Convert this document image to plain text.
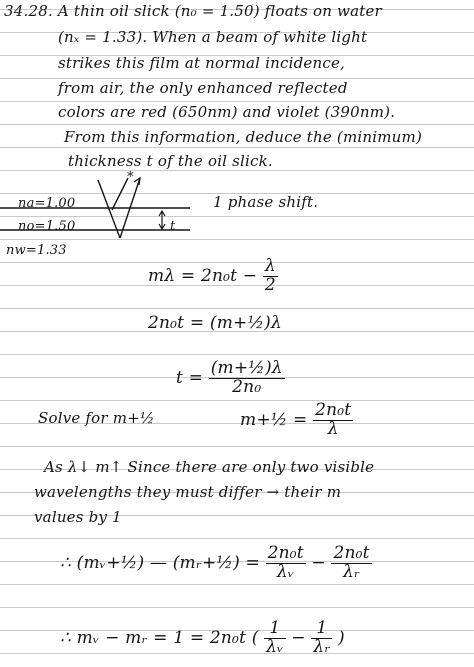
34.28. A thin oil slick (n₀ = 1.50) floats on water
(nₓ = 1.33). When a beam of white light
strikes this film at normal incidence,
from air, the only enhanced reflected
colors are red (650nm) and violet (390nm).
From this information, deduce the (minimum)
thickness t of the oil slick.
*
na=1.00
no=1.50
nw=1.33
t
1 phase shift.
$m\lambda = 2n_0t - \frac{\lambda}{2}$
2n₀t = (m+½)λ
$t = \frac{\text{(m+½)λ}}{\text{2n₀}}$
Solve for m+½	m+½ = $\frac{\text{2n₀t}}{\lambda}$
As λ↓ m↑ Since there are only two visible
wavelengths they must differ → their m
values by 1
∴ (mᵥ+½) — (mᵣ+½) = $\frac{\text{2n₀t}}{\text{λᵥ}} - \frac{\text{2n₀t}}{\text{λᵣ}}$
∴ mᵥ − mᵣ = 1 = 2n₀t ( $\frac{1}{\text{λᵥ}} - \frac{1}{\text{λᵣ}}$ )
